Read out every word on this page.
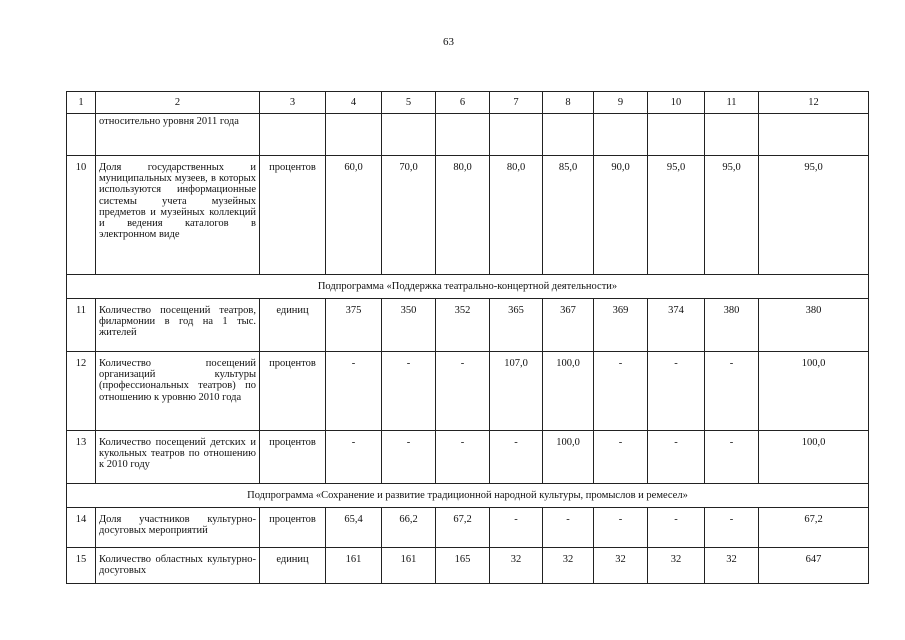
63
1	2	3	4	5	6	7	8	9	10	11	12
	относительно уровня 2011 года										
10	Доля государственных и муниципальных музеев, в которых используются информационные системы учета музейных предметов и музейных коллекций и ведения каталогов в электронном виде	процентов	60,0	70,0	80,0	80,0	85,0	90,0	95,0	95,0	95,0
Подпрограмма «Поддержка театрально-концертной деятельности»											
11	Количество посещений театров, филармонии в год на 1 тыс. жителей	единиц	375	350	352	365	367	369	374	380	380
12	Количество посещений организаций культуры (профессиональных театров) по отношению к уровню 2010 года	процентов	-	-	-	107,0	100,0	-	-	-	100,0
13	Количество посещений детских и кукольных театров по отношению к 2010 году	процентов	-	-	-	-	100,0	-	-	-	100,0
Подпрограмма «Сохранение и развитие традиционной народной культуры, промыслов и ремесел»											
14	Доля участников культурно-досуговых мероприятий	процентов	65,4	66,2	67,2	-	-	-	-	-	67,2
15	Количество областных культурно-досуговых	единиц	161	161	165	32	32	32	32	32	647
